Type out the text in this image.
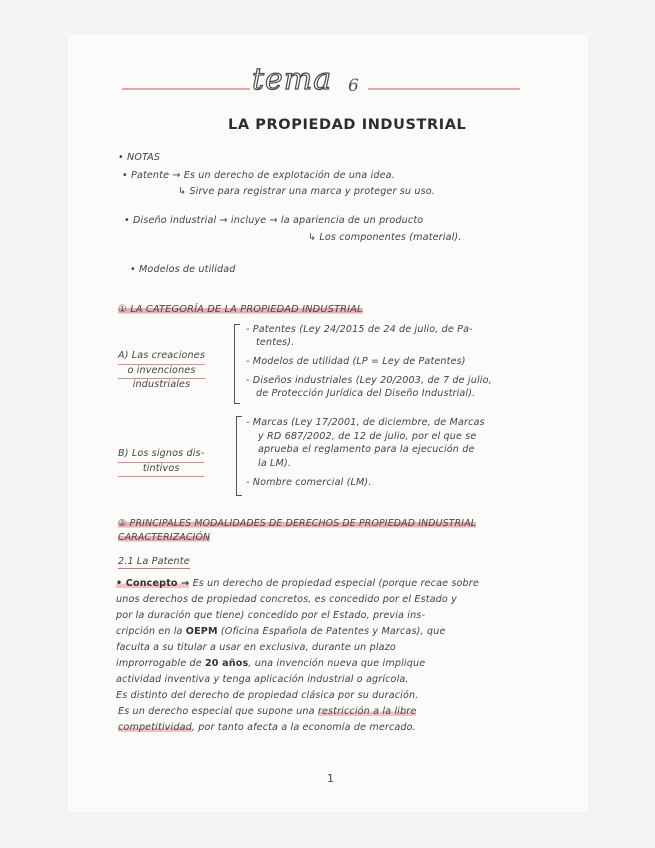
tema 6
LA PROPIEDAD INDUSTRIAL
• NOTAS
• Patente → Es un derecho de explotación de una idea.
↳ Sirve para registrar una marca y proteger su uso.
• Diseño industrial → incluye → la apariencia de un producto
↳ Los componentes (material).
• Modelos de utilidad
① LA CATEGORÍA DE LA PROPIEDAD INDUSTRIAL
A) Las creaciones
o invenciones
industriales
- Patentes (Ley 24/2015 de 24 de julio, de Pa-
tentes).
- Modelos de utilidad (LP = Ley de Patentes)
- Diseños industriales (Ley 20/2003, de 7 de julio,
de Protección Jurídica del Diseño Industrial).
B) Los signos dis-
tintivos
- Marcas (Ley 17/2001, de diciembre, de Marcas
y RD 687/2002, de 12 de julio, por el que se
aprueba el reglamento para la ejecución de
la LM).
- Nombre comercial (LM).
② PRINCIPALES MODALIDADES DE DERECHOS DE PROPIEDAD INDUSTRIAL
CARACTERIZACIÓN
2.1 La Patente
• Concepto → Es un derecho de propiedad especial (porque recae sobre
unos derechos de propiedad concretos, es concedido por el Estado y
por la duración que tiene) concedido por el Estado, previa ins-
cripción en la OEPM (Oficina Española de Patentes y Marcas), que
faculta a su titular a usar en exclusiva, durante un plazo
improrrogable de 20 años, una invención nueva que implique
actividad inventiva y tenga aplicación industrial o agrícola.
Es distinto del derecho de propiedad clásica por su duración.
Es un derecho especial que supone una restricción a la libre
competitividad, por tanto afecta a la economía de mercado.
1
